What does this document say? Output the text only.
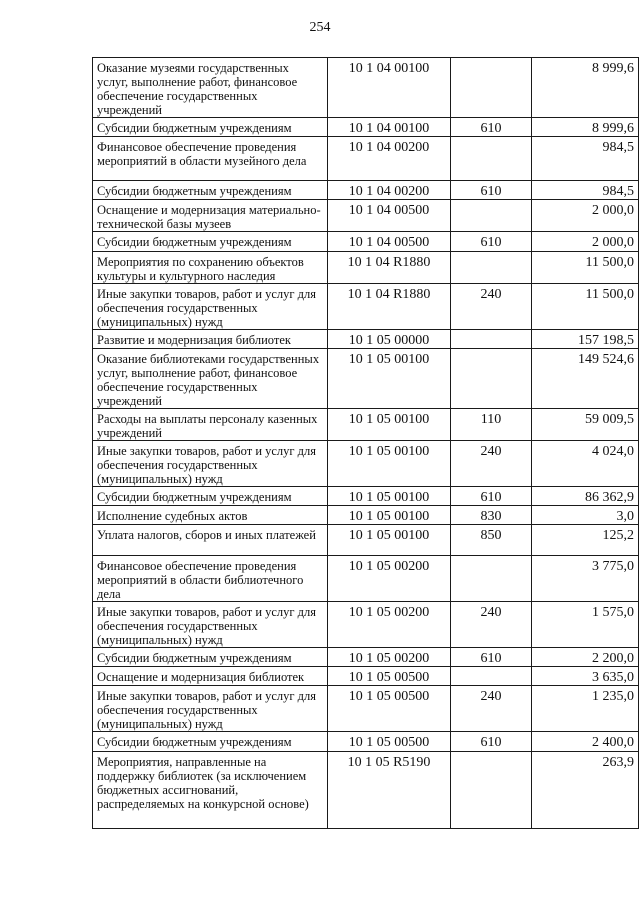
254
Оказание музеями государственных услуг, выполнение работ, финансовое обеспечение государственных учреждений	10 1 04 00100		8 999,6
Субсидии бюджетным учреждениям	10 1 04 00100	610	8 999,6
Финансовое обеспечение проведения мероприятий в области музейного дела	10 1 04 00200		984,5
Субсидии бюджетным учреждениям	10 1 04 00200	610	984,5
Оснащение и модернизация материально-технической базы музеев	10 1 04 00500		2 000,0
Субсидии бюджетным учреждениям	10 1 04 00500	610	2 000,0
Мероприятия по сохранению объектов культуры и культурного наследия	10 1 04 R1880		11 500,0
Иные закупки товаров, работ и услуг для обеспечения государственных (муниципальных) нужд	10 1 04 R1880	240	11 500,0
Развитие и модернизация библиотек	10 1 05 00000		157 198,5
Оказание библиотеками государственных услуг, выполнение работ, финансовое обеспечение государственных учреждений	10 1 05 00100		149 524,6
Расходы на выплаты персоналу казенных учреждений	10 1 05 00100	110	59 009,5
Иные закупки товаров, работ и услуг для обеспечения государственных (муниципальных) нужд	10 1 05 00100	240	4 024,0
Субсидии бюджетным учреждениям	10 1 05 00100	610	86 362,9
Исполнение судебных актов	10 1 05 00100	830	3,0
Уплата налогов, сборов и иных платежей	10 1 05 00100	850	125,2
Финансовое обеспечение проведения мероприятий в области библиотечного дела	10 1 05 00200		3 775,0
Иные закупки товаров, работ и услуг для обеспечения государственных (муниципальных) нужд	10 1 05 00200	240	1 575,0
Субсидии бюджетным учреждениям	10 1 05 00200	610	2 200,0
Оснащение и модернизация библиотек	10 1 05 00500		3 635,0
Иные закупки товаров, работ и услуг для обеспечения государственных (муниципальных) нужд	10 1 05 00500	240	1 235,0
Субсидии бюджетным учреждениям	10 1 05 00500	610	2 400,0
Мероприятия, направленные на поддержку библиотек (за исключением бюджетных ассигнований, распределяемых на конкурсной основе)	10 1 05 R5190		263,9
